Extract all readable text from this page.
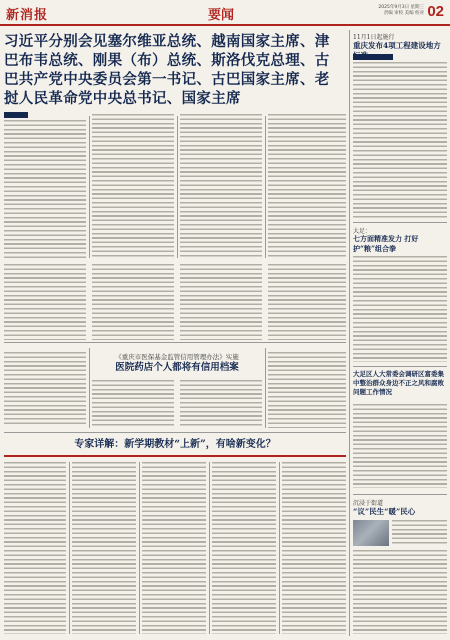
新消报	要闻
2025年9月3日 星期三
责编 审校 美编 校对 02
习近平分别会见塞尔维亚总统、越南国家主席、津巴布韦总统、刚果（布）总统、斯洛伐克总理、古巴共产党中央委员会第一书记、古巴国家主席、老挝人民革命党中央总书记、国家主席
《重庆市医保基金监管信用管理办法》实施
医院药店个人都将有信用档案
专家详解：新学期教材“上新”，有啥新变化？
11月1日起施行
重庆发布4项工程建设地方
大足：
七方面精准发力 打好护“粮”组合拳
大足区人大常委会调研区富委集中整治群众身边不正之风和腐败问题工作情况
沉浸于街道
“议”民生“暖”民心
